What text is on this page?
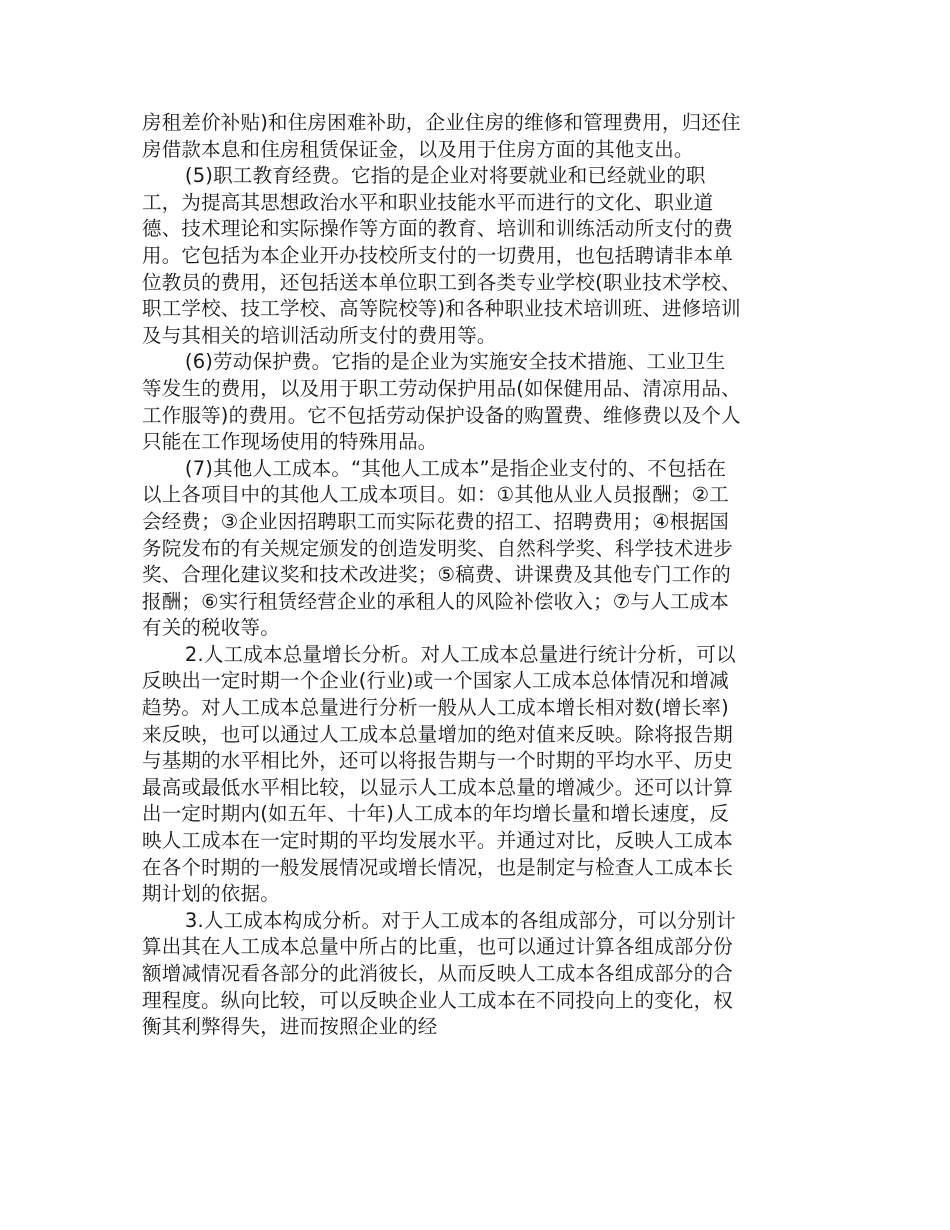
房租差价补贴)和住房困难补助，企业住房的维修和管理费用，归还住房借款本息和住房租赁保证金，以及用于住房方面的其他支出。

(5)职工教育经费。它指的是企业对将要就业和已经就业的职工，为提高其思想政治水平和职业技能水平而进行的文化、职业道德、技术理论和实际操作等方面的教育、培训和训练活动所支付的费用。它包括为本企业开办技校所支付的一切费用，也包括聘请非本单位教员的费用，还包括送本单位职工到各类专业学校(职业技术学校、职工学校、技工学校、高等院校等)和各种职业技术培训班、进修培训及与其相关的培训活动所支付的费用等。

(6)劳动保护费。它指的是企业为实施安全技术措施、工业卫生等发生的费用，以及用于职工劳动保护用品(如保健用品、清凉用品、工作服等)的费用。它不包括劳动保护设备的购置费、维修费以及个人只能在工作现场使用的特殊用品。

(7)其他人工成本。“其他人工成本”是指企业支付的、不包括在以上各项目中的其他人工成本项目。如：①其他从业人员报酬；②工会经费；③企业因招聘职工而实际花费的招工、招聘费用；④根据国务院发布的有关规定颁发的创造发明奖、自然科学奖、科学技术进步奖、合理化建议奖和技术改进奖；⑤稿费、讲课费及其他专门工作的报酬；⑥实行租赁经营企业的承租人的风险补偿收入；⑦与人工成本有关的税收等。

2.人工成本总量增长分析。对人工成本总量进行统计分析，可以反映出一定时期一个企业(行业)或一个国家人工成本总体情况和增减趋势。对人工成本总量进行分析一般从人工成本增长相对数(增长率)来反映，也可以通过人工成本总量增加的绝对值来反映。除将报告期与基期的水平相比外，还可以将报告期与一个时期的平均水平、历史最高或最低水平相比较，以显示人工成本总量的增减少。还可以计算出一定时期内(如五年、十年)人工成本的年均增长量和增长速度，反映人工成本在一定时期的平均发展水平。并通过对比，反映人工成本在各个时期的一般发展情况或增长情况，也是制定与检查人工成本长期计划的依据。

3.人工成本构成分析。对于人工成本的各组成部分，可以分别计算出其在人工成本总量中所占的比重，也可以通过计算各组成部分份额增减情况看各部分的此消彼长，从而反映人工成本各组成部分的合理程度。纵向比较，可以反映企业人工成本在不同投向上的变化，权衡其利弊得失，进而按照企业的经
